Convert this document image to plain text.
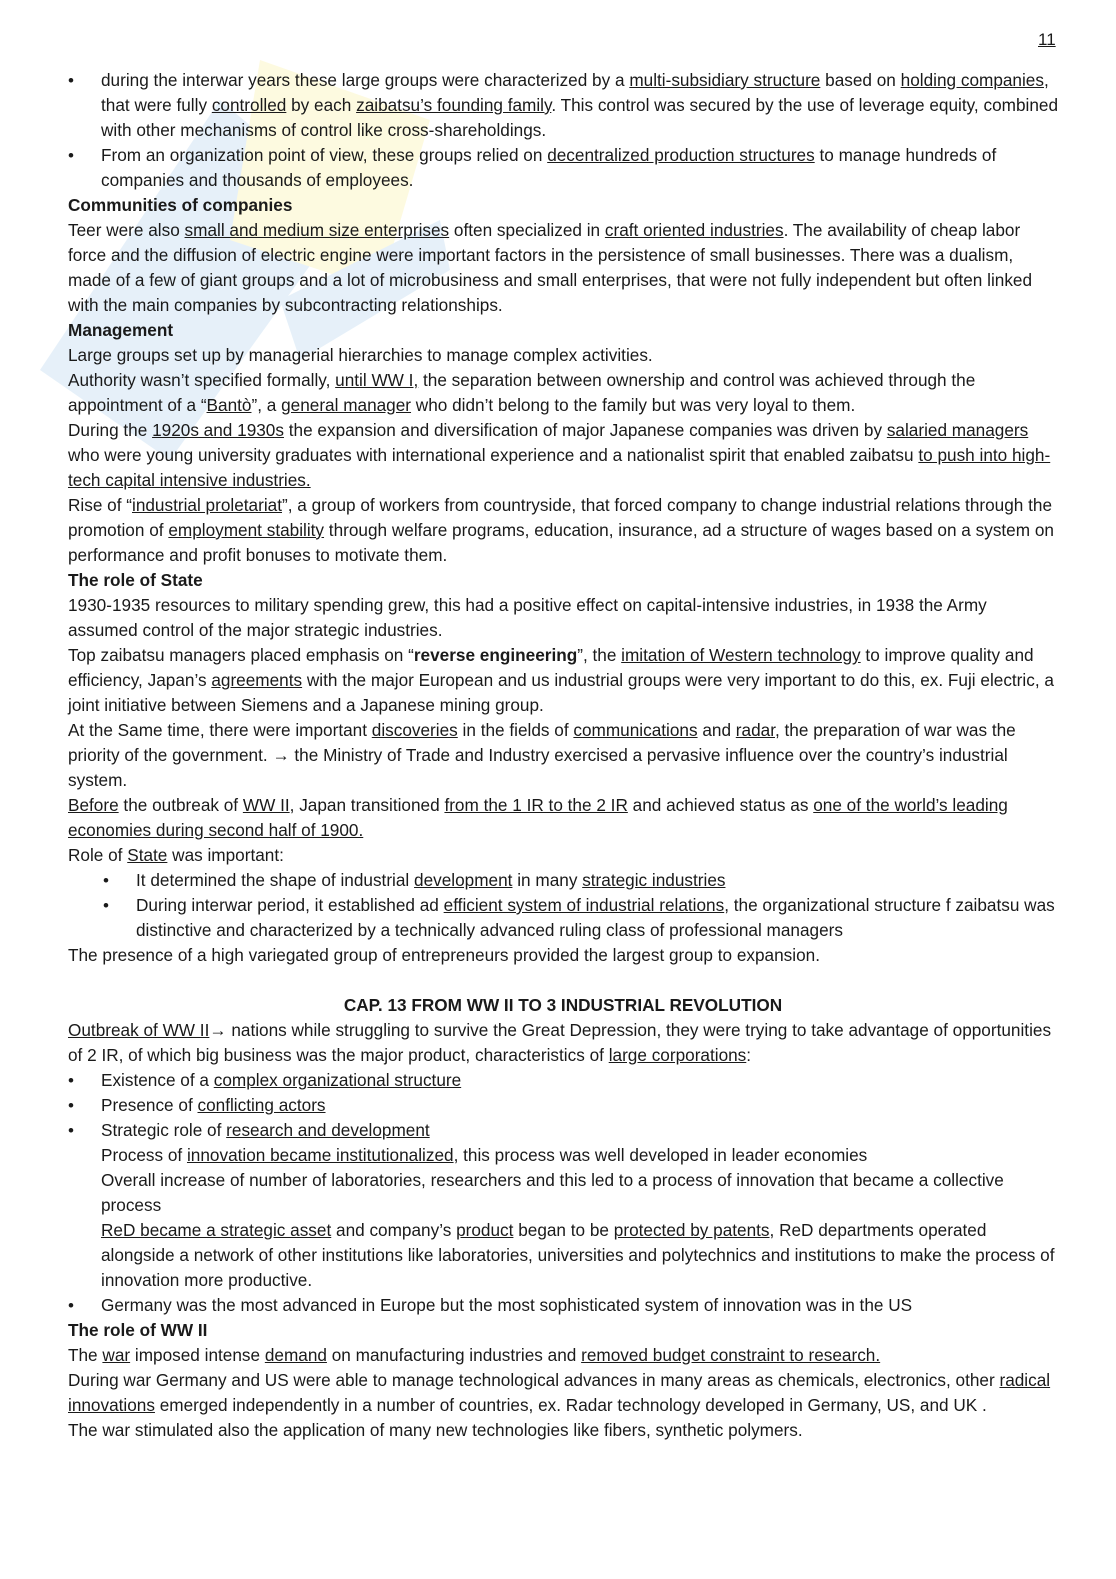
11
• during the interwar years these large groups were characterized by a multi-subsidiary structure based on holding companies, that were fully controlled by each zaibatsu’s founding family. This control was secured by the use of leverage equity, combined with other mechanisms of control like cross-shareholdings.
• From an organization point of view, these groups relied on decentralized production structures to manage hundreds of companies and thousands of employees.

Communities of companies

Teer were also small and medium size enterprises often specialized in craft oriented industries. The availability of cheap labor force and the diffusion of electric engine were important factors in the persistence of small businesses. There was a dualism, made of a few of giant groups and a lot of microbusiness and small enterprises, that were not fully independent but often linked with the main companies by subcontracting relationships.

Management

Large groups set up by managerial hierarchies to manage complex activities.

Authority wasn’t specified formally, until WW I, the separation between ownership and control was achieved through the appointment of a “Bantò”, a general manager who didn’t belong to the family but was very loyal to them.

During the 1920s and 1930s the expansion and diversification of major Japanese companies was driven by salaried managers who were young university graduates with international experience and a nationalist spirit that enabled zaibatsu to push into high-tech capital intensive industries.

Rise of “industrial proletariat”, a group of workers from countryside, that forced company to change industrial relations through the promotion of employment stability through welfare programs, education, insurance, ad a structure of wages based on a system on performance and profit bonuses to motivate them.

The role of State

1930-1935 resources to military spending grew, this had a positive effect on capital-intensive industries, in 1938 the Army assumed control of the major strategic industries.

Top zaibatsu managers placed emphasis on “reverse engineering”, the imitation of Western technology to improve quality and efficiency, Japan’s agreements with the major European and us industrial groups were very important to do this, ex. Fuji electric, a joint initiative between Siemens and a Japanese mining group.

At the Same time, there were important discoveries in the fields of communications and radar, the preparation of war was the priority of the government. → the Ministry of Trade and Industry exercised a pervasive influence over the country’s industrial system.

Before the outbreak of WW II, Japan transitioned from the 1 IR to the 2 IR and achieved status as one of the world’s leading economies during second half of 1900.

Role of State was important:

• It determined the shape of industrial development in many strategic industries
• During interwar period, it established ad efficient system of industrial relations, the organizational structure f zaibatsu was distinctive and characterized by a technically advanced ruling class of professional managers

The presence of a high variegated group of entrepreneurs provided the largest group to expansion.

CAP. 13 FROM WW II TO 3 INDUSTRIAL REVOLUTION

Outbreak of WW II→ nations while struggling to survive the Great Depression, they were trying to take advantage of opportunities of 2 IR, of which big business was the major product, characteristics of large corporations:

• Existence of a complex organizational structure
• Presence of conflicting actors
• Strategic role of research and development

Process of innovation became institutionalized, this process was well developed in leader economies

Overall increase of number of laboratories, researchers and this led to a process of innovation that became a collective process

ReD became a strategic asset and company’s product began to be protected by patents, ReD departments operated alongside a network of other institutions like laboratories, universities and polytechnics and institutions to make the process of innovation more productive.

• Germany was the most advanced in Europe but the most sophisticated system of innovation was in the US

The role of WW II

The war imposed intense demand on manufacturing industries and removed budget constraint to research.

During war Germany and US were able to manage technological advances in many areas as chemicals, electronics, other radical innovations emerged independently in a number of countries, ex. Radar technology developed in Germany, US, and UK .

The war stimulated also the application of many new technologies like fibers, synthetic polymers.
